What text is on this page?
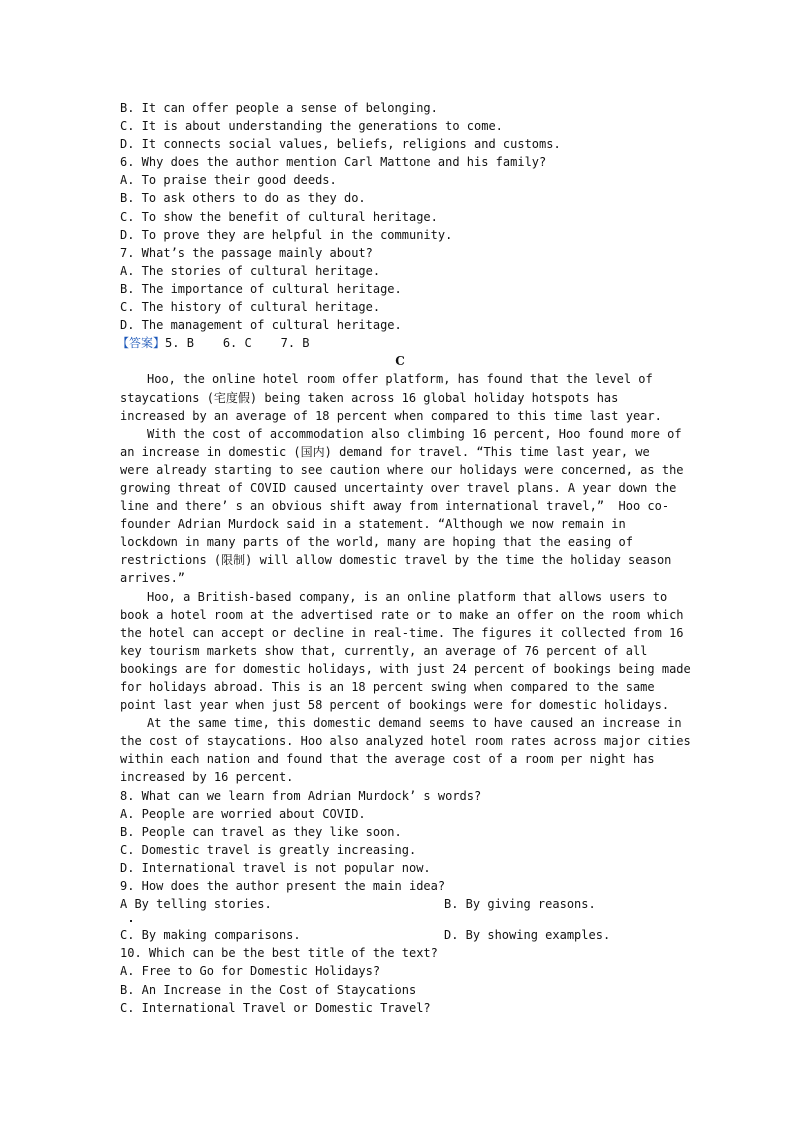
B. It can offer people a sense of belonging.
C. It is about understanding the generations to come.
D. It connects social values, beliefs, religions and customs.
6. Why does the author mention Carl Mattone and his family?
A. To praise their good deeds.
B. To ask others to do as they do.
C. To show the benefit of cultural heritage.
D. To prove they are helpful in the community.
7. What’s the passage mainly about?
A. The stories of cultural heritage.
B. The importance of cultural heritage.
C. The history of cultural heritage.
D. The management of cultural heritage.
【答案】5. B    6. C    7. B
C
Hoo, the online hotel room offer platform, has found that the level of
staycations (宅度假) being taken across 16 global holiday hotspots has
increased by an average of 18 percent when compared to this time last year.
With the cost of accommodation also climbing 16 percent, Hoo found more of
an increase in domestic (国内) demand for travel. “This time last year, we
were already starting to see caution where our holidays were concerned, as the
growing threat of COVID caused uncertainty over travel plans. A year down the
line and there’ s an obvious shift away from international travel,”  Hoo co-
founder Adrian Murdock said in a statement. “Although we now remain in
lockdown in many parts of the world, many are hoping that the easing of
restrictions (限制) will allow domestic travel by the time the holiday season
arrives.”
Hoo, a British-based company, is an online platform that allows users to
book a hotel room at the advertised rate or to make an offer on the room which
the hotel can accept or decline in real-time. The figures it collected from 16
key tourism markets show that, currently, an average of 76 percent of all
bookings are for domestic holidays, with just 24 percent of bookings being made
for holidays abroad. This is an 18 percent swing when compared to the same
point last year when just 58 percent of bookings were for domestic holidays.
At the same time, this domestic demand seems to have caused an increase in
the cost of staycations. Hoo also analyzed hotel room rates across major cities
within each nation and found that the average cost of a room per night has
increased by 16 percent.
8. What can we learn from Adrian Murdock’ s words?
A. People are worried about COVID.
B. People can travel as they like soon.
C. Domestic travel is greatly increasing.
D. International travel is not popular now.
9. How does the author present the main idea?
A By telling stories.	B. By giving reasons.
C. By making comparisons.	D. By showing examples.
10. Which can be the best title of the text?
A. Free to Go for Domestic Holidays?
B. An Increase in the Cost of Staycations
C. International Travel or Domestic Travel?
